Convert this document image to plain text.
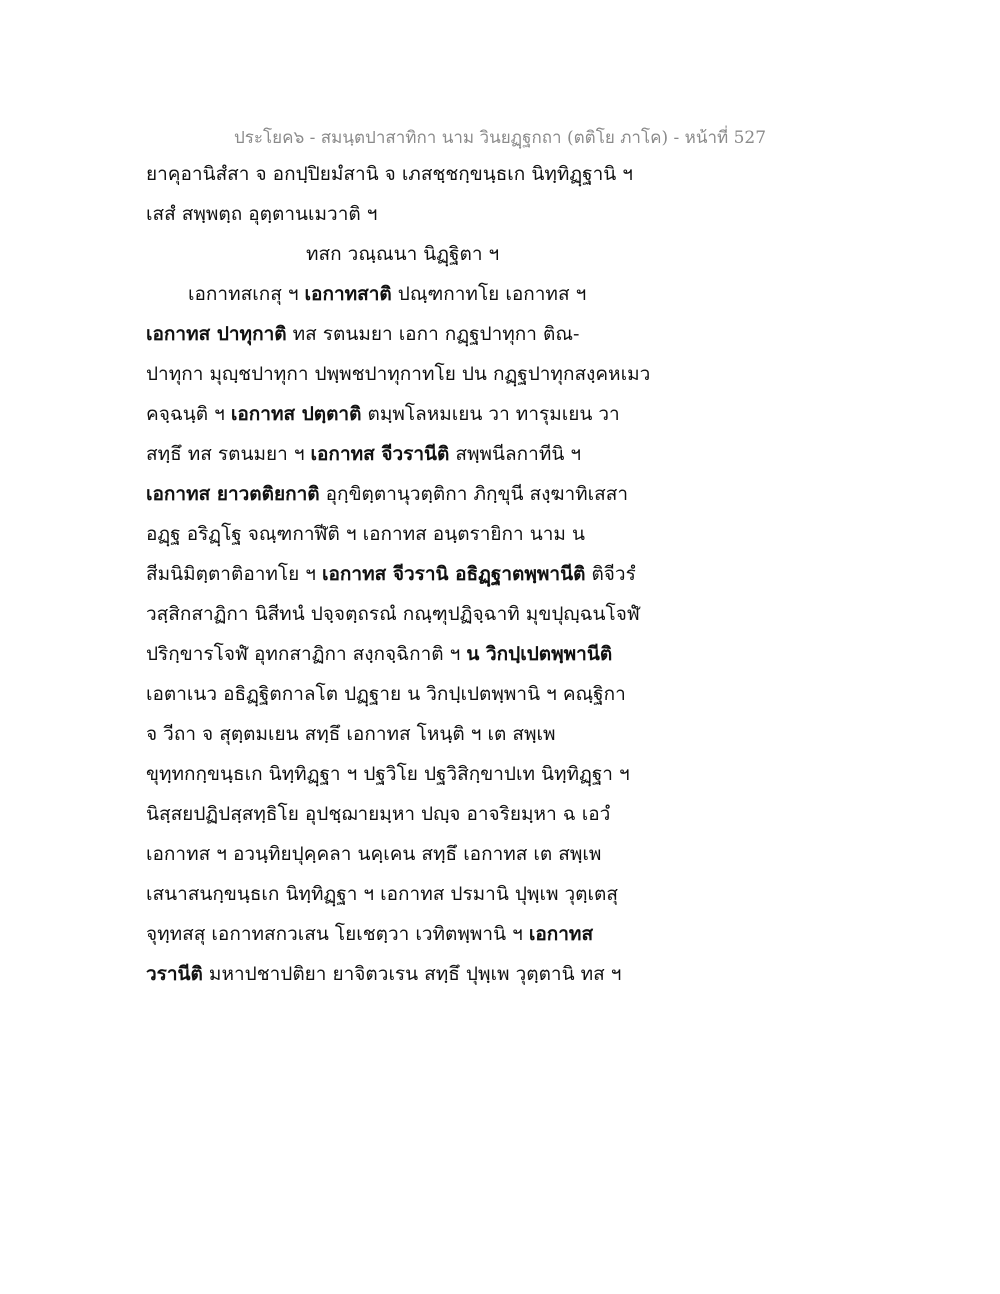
ประโยค๖ - สมนฺตปาสาทิกา นาม วินยฏฺฐกถา (ตติโย ภาโค) - หน้าที่ 527
ยาคุอานิสํสา จ อกปฺปิยมํสานิ จ เภสชฺชกฺขนฺธเก นิทฺทิฏฺฐานิ ฯ
เสสํ สพฺพตฺถ อุตฺตานเมวาติ ฯ
ทสก วณฺณนา นิฏฺฐิตา ฯ
เอกาทสเกสุ ฯ เอกาทสาติ ปณฺฑกาทโย เอกาทส ฯ
เอกาทส ปาทุกาติ ทส รตนมยา เอกา กฏฺฐปาทุกา ติณ-
ปาทุกา มุญฺชปาทุกา ปพฺพชปาทุกาทโย ปน กฏฺฐปาทุกสงฺคหเมว
คจฺฉนฺติ ฯ เอกาทส ปตฺตาติ ตมฺพโลหมเยน วา ทารุมเยน วา
สทฺธึ ทส รตนมยา ฯ เอกาทส จีวรานีติ สพฺพนีลกาทีนิ ฯ
เอกาทส ยาวตติยกาติ อุกฺขิตฺตานุวตฺติกา ภิกฺขุนี สงฺฆาทิเสสา
อฏฺฐ อริฏฺโฐ จณฺฑกาฬีติ ฯ เอกาทส อนฺตรายิกา นาม น
สีมนิมิตฺตาติอาทโย ฯ เอกาทส จีวรานิ อธิฏฺฐาตพฺพานีติ ติจีวรํ
วสฺสิกสาฏิกา นิสีทนํ ปจฺจตฺถรณํ กณฺฑุปฏิจฺฉาทิ มุขปุญฺฉนโจฬํ
ปริกฺขารโจฬํ อุทกสาฏิกา สงฺกจฺฉิกาติ ฯ น วิกปฺเปตพฺพานีติ
เอตาเนว อธิฏฺฐิตกาลโต ปฏฺฐาย น วิกปฺเปตพฺพานิ ฯ คณฺฐิกา
จ วีถา จ สุตฺตมเยน สทฺธึ เอกาทส โหนฺติ ฯ เต สพฺเพ
ขุทฺทกกฺขนฺธเก นิทฺทิฏฺฐา ฯ ปฐวิโย ปฐวิสิกฺขาปเท นิทฺทิฏฺฐา ฯ
นิสฺสยปฏิปสฺสทฺธิโย อุปชฺฌายมฺหา ปญฺจ อาจริยมฺหา ฉ เอวํ
เอกาทส ฯ อวนฺทิยปุคฺคลา นคฺเคน สทฺธึ เอกาทส เต สพฺเพ
เสนาสนกฺขนฺธเก นิทฺทิฏฺฐา ฯ เอกาทส ปรมานิ ปุพฺเพ วุตฺเตสุ
จุทฺทสสุ เอกาทสกวเสน โยเชตฺวา เวทิตพฺพานิ ฯ เอกาทส
วรานีติ มหาปชาปติยา ยาจิตวเรน สทฺธึ ปุพฺเพ วุตฺตานิ ทส ฯ
